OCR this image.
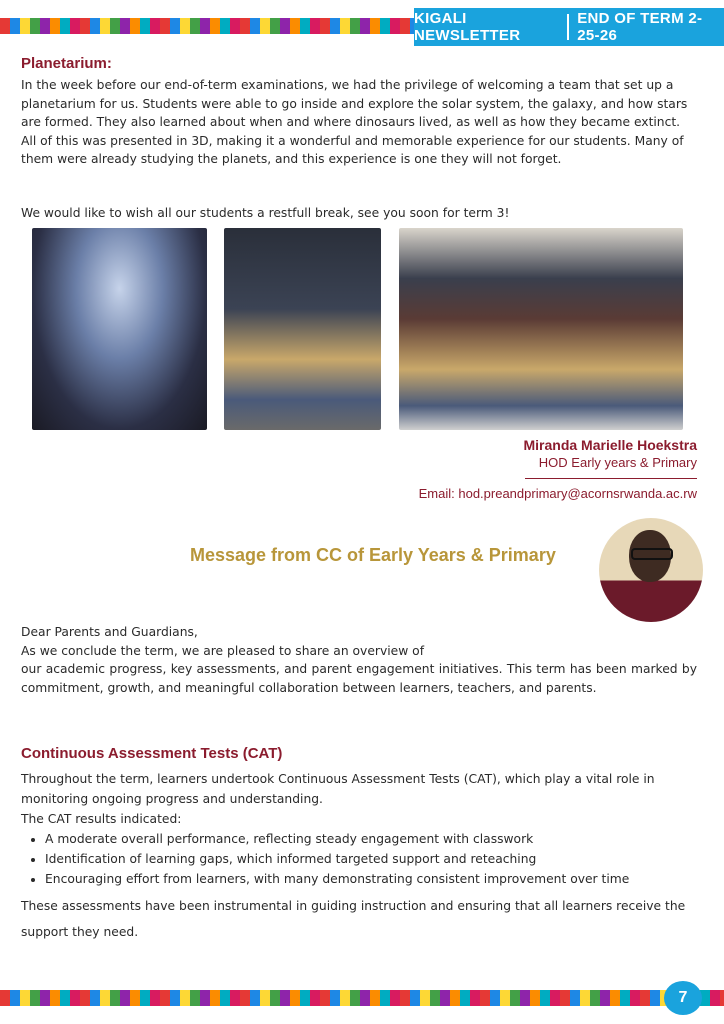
KIGALI NEWSLETTER
END OF TERM 2-25-26
Planetarium:

In the week before our end-of-term examinations, we had the privilege of welcoming a team that set up a planetarium for us. Students were able to go inside and explore the solar system, the galaxy, and how stars are formed. They also learned about when and where dinosaurs lived, as well as how they became extinct.

All of this was presented in 3D, making it a wonderful and memorable experience for our students. Many of them were already studying the planets, and this experience is one they will not forget.

We would like to wish all our students a restfull break, see you soon for term 3!
Miranda Marielle Hoekstra
HOD Early years & Primary
Email: hod.preandprimary@acornsrwanda.ac.rw
Message from CC of Early Years & Primary

Dear Parents and Guardians,

As we conclude the term, we are pleased to share an overview of

our academic progress, key assessments, and parent engagement initiatives. This term has been marked by commitment, growth, and meaningful collaboration between learners, teachers, and parents.

Continuous Assessment Tests (CAT)

Throughout the term, learners undertook Continuous Assessment Tests (CAT), which play a vital role in monitoring ongoing progress and understanding.

The CAT results indicated:

• A moderate overall performance, reflecting steady engagement with classwork
• Identification of learning gaps, which informed targeted support and reteaching
• Encouraging effort from learners, with many demonstrating consistent improvement over time

These assessments have been instrumental in guiding instruction and ensuring that all learners receive the support they need.

7
